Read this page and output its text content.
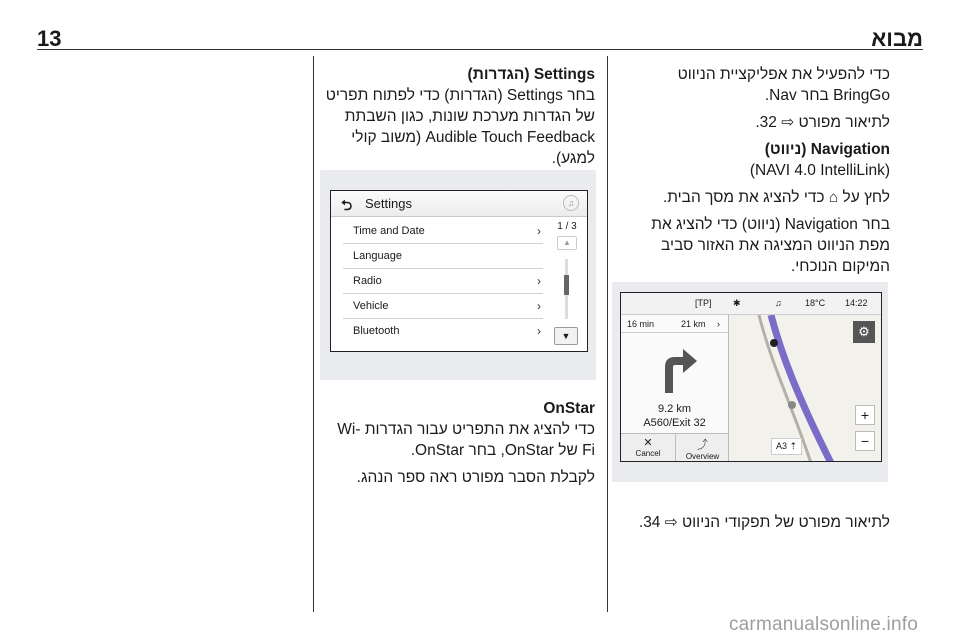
13	מבוא

כדי להפעיל את אפליקציית הניווט BringGo בחר Nav.

לתיאור מפורט ⇨ 32.

Navigation (ניווט)

(NAVI 4.0 IntelliLink)

לחץ על ⌂ כדי להציג את מסך הבית.

בחר Navigation (ניווט) כדי להציג את מפת הניווט המציגה את האזור סביב המיקום הנוכחי.

[TP] ✱	♫	18°C 14:22
16 min	21 km ›
9.2 km
A560/Exit 32
✕
Cancel
⤴
Overview
⚙
+
−
A3 ⇡

לתיאור מפורט של תפקודי הניווט ⇨ 34.

Settings (הגדרות)

בחר Settings (הגדרות) כדי לפתוח תפריט של הגדרות מערכת שונות, כגון השבתת Audible Touch Feedback (משוב קולי למגע).

⮌ Settings	♫
Time and Date	›
Language
Radio	›
Vehicle	›
Bluetooth	›
1 / 3
▲
▼
OnStar

כדי להציג את התפריט עבור הגדרות Wi-Fi של OnStar, בחר OnStar.

לקבלת הסבר מפורט ראה ספר הנהג.

carmanualsonline.info
